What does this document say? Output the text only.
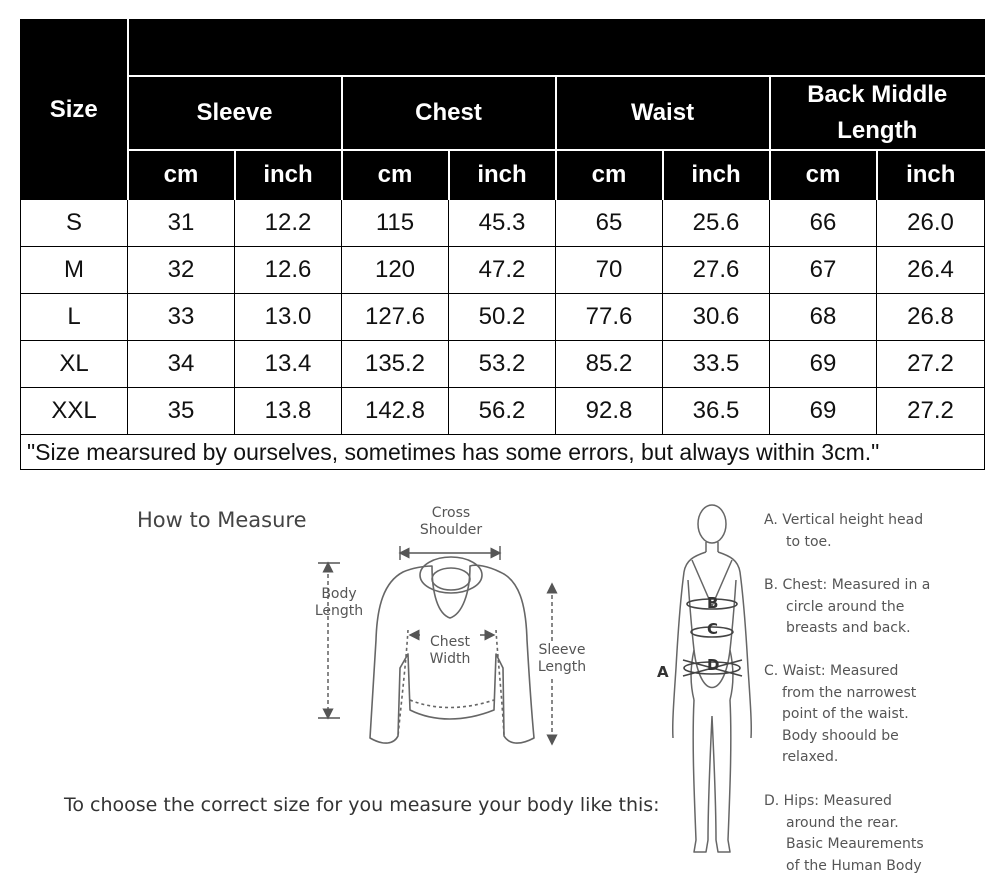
Size								
	Sleeve		Chest		Waist		Back Middle Length	
	cm	inch	cm	inch	cm	inch	cm	inch
S	31	12.2	115	45.3	65	25.6	66	26.0
M	32	12.6	120	47.2	70	27.6	67	26.4
L	33	13.0	127.6	50.2	77.6	30.6	68	26.8
XL	34	13.4	135.2	53.2	85.2	33.5	69	27.2
XXL	35	13.8	142.8	56.2	92.8	36.5	69	27.2
"Size mearsured by ourselves, sometimes has some errors, but always within 3cm."								
How to Measure
To choose the correct size for you measure your body like this:
Cross Shoulder
Body Length
Chest Width
Sleeve Length	A
B
C
D
A. Vertical height head
to toe.
B. Chest: Measured in a
circle around the
breasts and back.
C. Waist: Measured
from the narrowest
point of the waist.
Body shoould be
relaxed.
D. Hips: Measured
around the rear.
Basic Meaurements
of the Human Body
